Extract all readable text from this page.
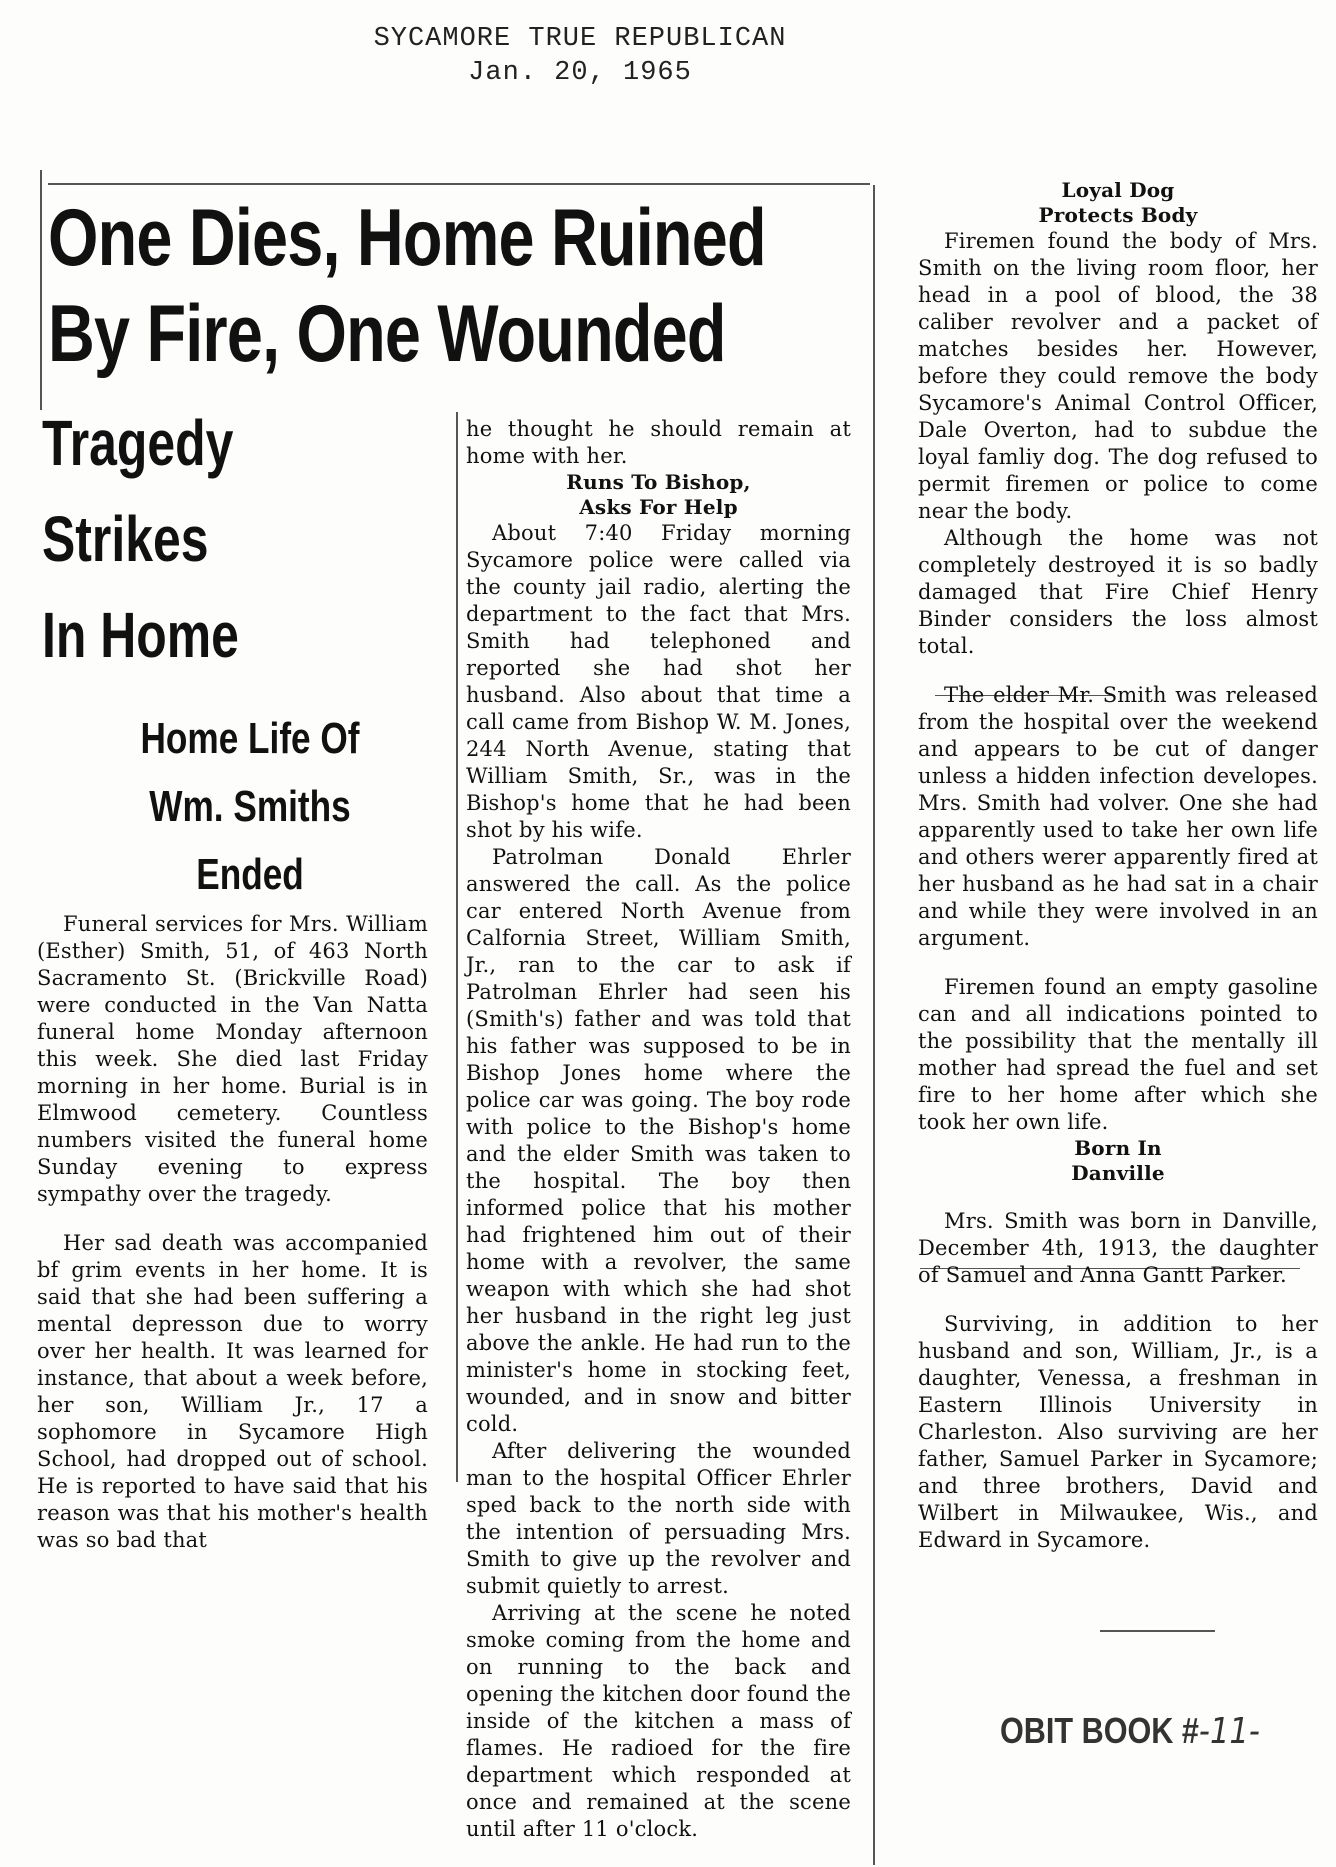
SYCAMORE TRUE REPUBLICAN
Jan. 20, 1965
One Dies, Home Ruined
By Fire, One Wounded
Tragedy
Strikes
In Home
Home Life Of
Wm. Smiths
Ended

Funeral services for Mrs. William (Esther) Smith, 51, of 463 North Sacramento St. (Brickville Road) were conducted in the Van Natta funeral home Monday afternoon this week. She died last Friday morning in her home. Burial is in Elmwood cemetery. Countless numbers visited the funeral home Sunday evening to express sympathy over the tragedy.

Her sad death was accompanied bf grim events in her home. It is said that she had been suffering a mental depresson due to worry over her health. It was learned for instance, that about a week before, her son, William Jr., 17 a sophomore in Sycamore High School, had dropped out of school. He is reported to have said that his reason was that his mother's health was so bad that

he thought he should remain at home with her.

Runs To Bishop,
Asks For Help

About 7:40 Friday morning Sycamore police were called via the county jail radio, alerting the department to the fact that Mrs. Smith had telephoned and reported she had shot her husband. Also about that time a call came from Bishop W. M. Jones, 244 North Avenue, stating that William Smith, Sr., was in the Bishop's home that he had been shot by his wife.

Patrolman Donald Ehrler answered the call. As the police car entered North Avenue from Calfornia Street, William Smith, Jr., ran to the car to ask if Patrolman Ehrler had seen his (Smith's) father and was told that his father was supposed to be in Bishop Jones home where the police car was going. The boy rode with police to the Bishop's home and the elder Smith was taken to the hospital. The boy then informed police that his mother had frightened him out of their home with a revolver, the same weapon with which she had shot her husband in the right leg just above the ankle. He had run to the minister's home in stocking feet, wounded, and in snow and bitter cold.

After delivering the wounded man to the hospital Officer Ehrler sped back to the north side with the intention of persuading Mrs. Smith to give up the revolver and submit quietly to arrest.

Arriving at the scene he noted smoke coming from the home and on running to the back and opening the kitchen door found the inside of the kitchen a mass of flames. He radioed for the fire department which responded at once and remained at the scene until after 11 o'clock.

Loyal Dog
Protects Body

Firemen found the body of Mrs. Smith on the living room floor, her head in a pool of blood, the 38 caliber revolver and a packet of matches besides her. However, before they could remove the body Sycamore's Animal Control Officer, Dale Overton, had to subdue the loyal famliy dog. The dog refused to permit firemen or police to come near the body.

Although the home was not completely destroyed it is so badly damaged that Fire Chief Henry Binder considers the loss almost total.

The elder Mr. Smith was released from the hospital over the weekend and appears to be cut of danger unless a hidden infection developes. Mrs. Smith had volver. One she had apparently used to take her own life and others werer apparently fired at her husband as he had sat in a chair and while they were involved in an argument.

Firemen found an empty gasoline can and all indications pointed to the possibility that the mentally ill mother had spread the fuel and set fire to her home after which she took her own life.

Born In
Danville

Mrs. Smith was born in Danville, December 4th, 1913, the daughter of Samuel and Anna Gantt Parker.

Surviving, in addition to her husband and son, William, Jr., is a daughter, Venessa, a freshman in Eastern Illinois University in Charleston. Also surviving are her father, Samuel Parker in Sycamore; and three brothers, David and Wilbert in Milwaukee, Wis., and Edward in Sycamore.

OBIT BOOK #-11-
